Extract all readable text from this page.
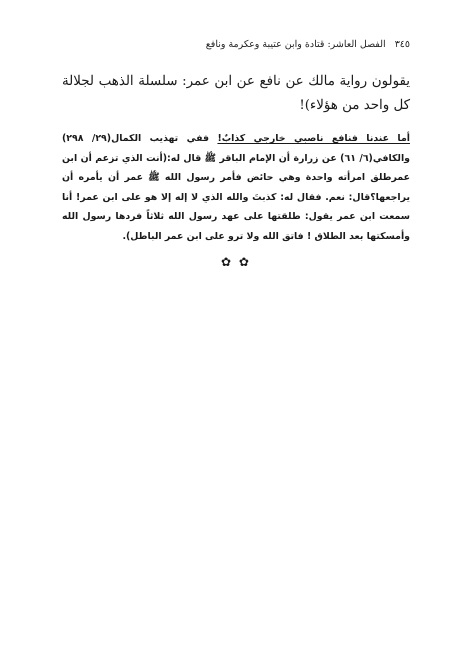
٣٤٥ الفصل العاشر: قتادة وابن عتيبة وعكرمة ونافع
يقولون رواية مالك عن نافع عن ابن عمر: سلسلة الذهب لجلالة كل واحد من هؤلاء)!
أما عندنا فنافع ناصبي خارجي كذابٌ! ففي تهذيب الكمال(٢٩/ ٢٩٨) والكافي(٦/ ٦١) عن زرارة أن الإمام الباقر ﷺ قال له:(أنت الذي تزعم أن ابن عمرطلق امرأته واحدة وهي حائض فأمر رسول الله ﷺ عمر أن يأمره أن يراجعها؟قال: نعم. فقال له: كذبتَ والله الذي لا إله إلا هو على ابن عمر! أنا سمعت ابن عمر يقول: طلقتها على عهد رسول الله ثلاثاً فردها رسول الله وأمسكتها بعد الطلاق ! فاتق الله ولا ترو على ابن عمر الباطل).
✿ ✿
